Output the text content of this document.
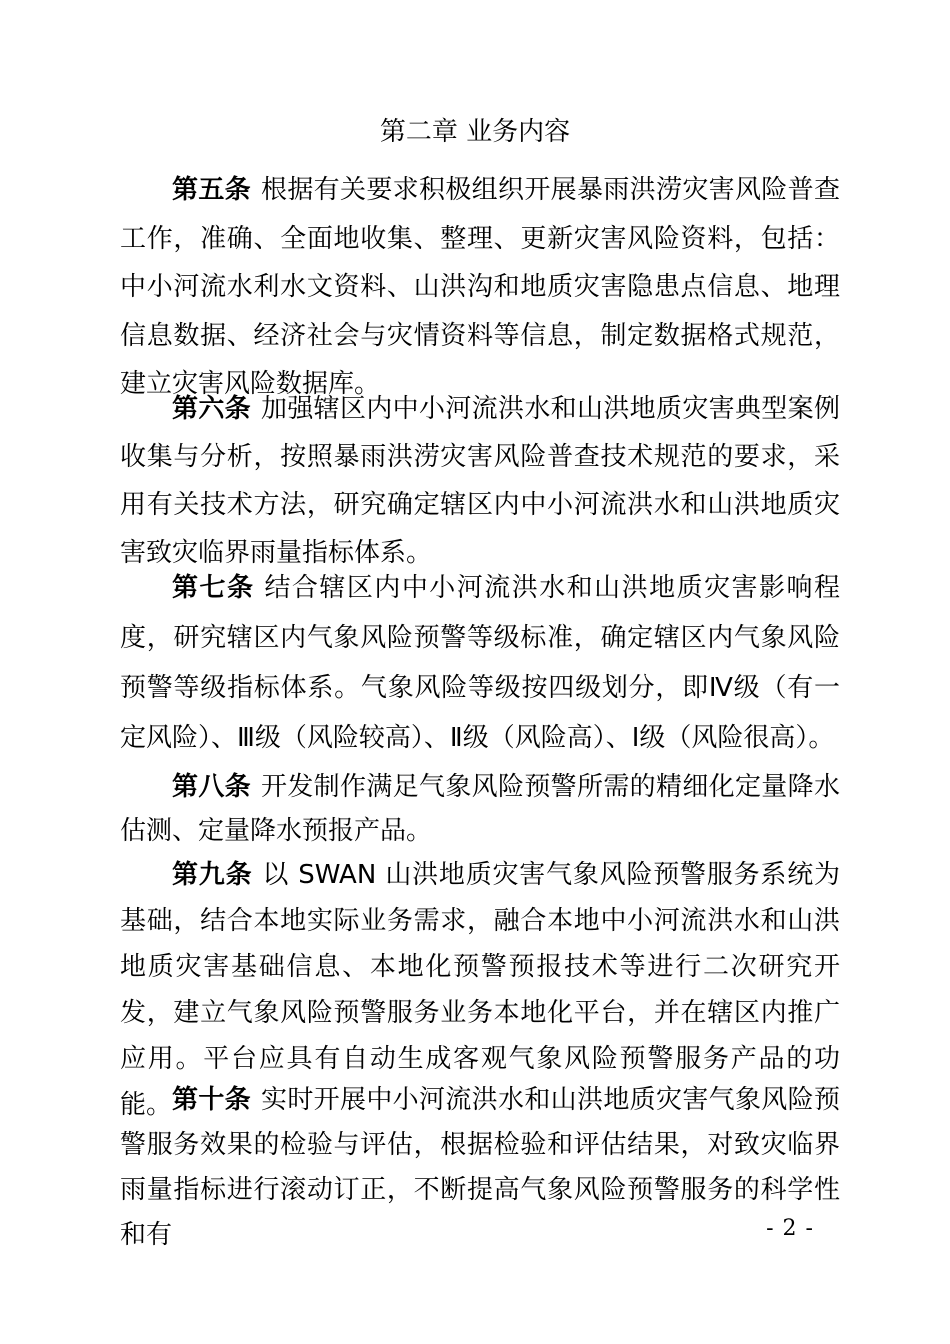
第二章 业务内容

第五条 根据有关要求积极组织开展暴雨洪涝灾害风险普查工作，准确、全面地收集、整理、更新灾害风险资料，包括：中小河流水利水文资料、山洪沟和地质灾害隐患点信息、地理信息数据、经济社会与灾情资料等信息，制定数据格式规范，建立灾害风险数据库。

第六条 加强辖区内中小河流洪水和山洪地质灾害典型案例收集与分析，按照暴雨洪涝灾害风险普查技术规范的要求，采用有关技术方法，研究确定辖区内中小河流洪水和山洪地质灾害致灾临界雨量指标体系。

第七条 结合辖区内中小河流洪水和山洪地质灾害影响程度，研究辖区内气象风险预警等级标准，确定辖区内气象风险预警等级指标体系。气象风险等级按四级划分，即Ⅳ级（有一定风险）、Ⅲ级（风险较高）、Ⅱ级（风险高）、Ⅰ级（风险很高）。

第八条 开发制作满足气象风险预警所需的精细化定量降水估测、定量降水预报产品。

第九条 以 SWAN 山洪地质灾害气象风险预警服务系统为基础，结合本地实际业务需求，融合本地中小河流洪水和山洪地质灾害基础信息、本地化预警预报技术等进行二次研究开发，建立气象风险预警服务业务本地化平台，并在辖区内推广应用。平台应具有自动生成客观气象风险预警服务产品的功能。 第十条 实时开展中小河流洪水和山洪地质灾害气象风险预警服务效果的检验与评估，根据检验和评估结果，对致灾临界雨量指标进行滚动订正，不断提高气象风险预警服务的科学性和有	- 2 -
